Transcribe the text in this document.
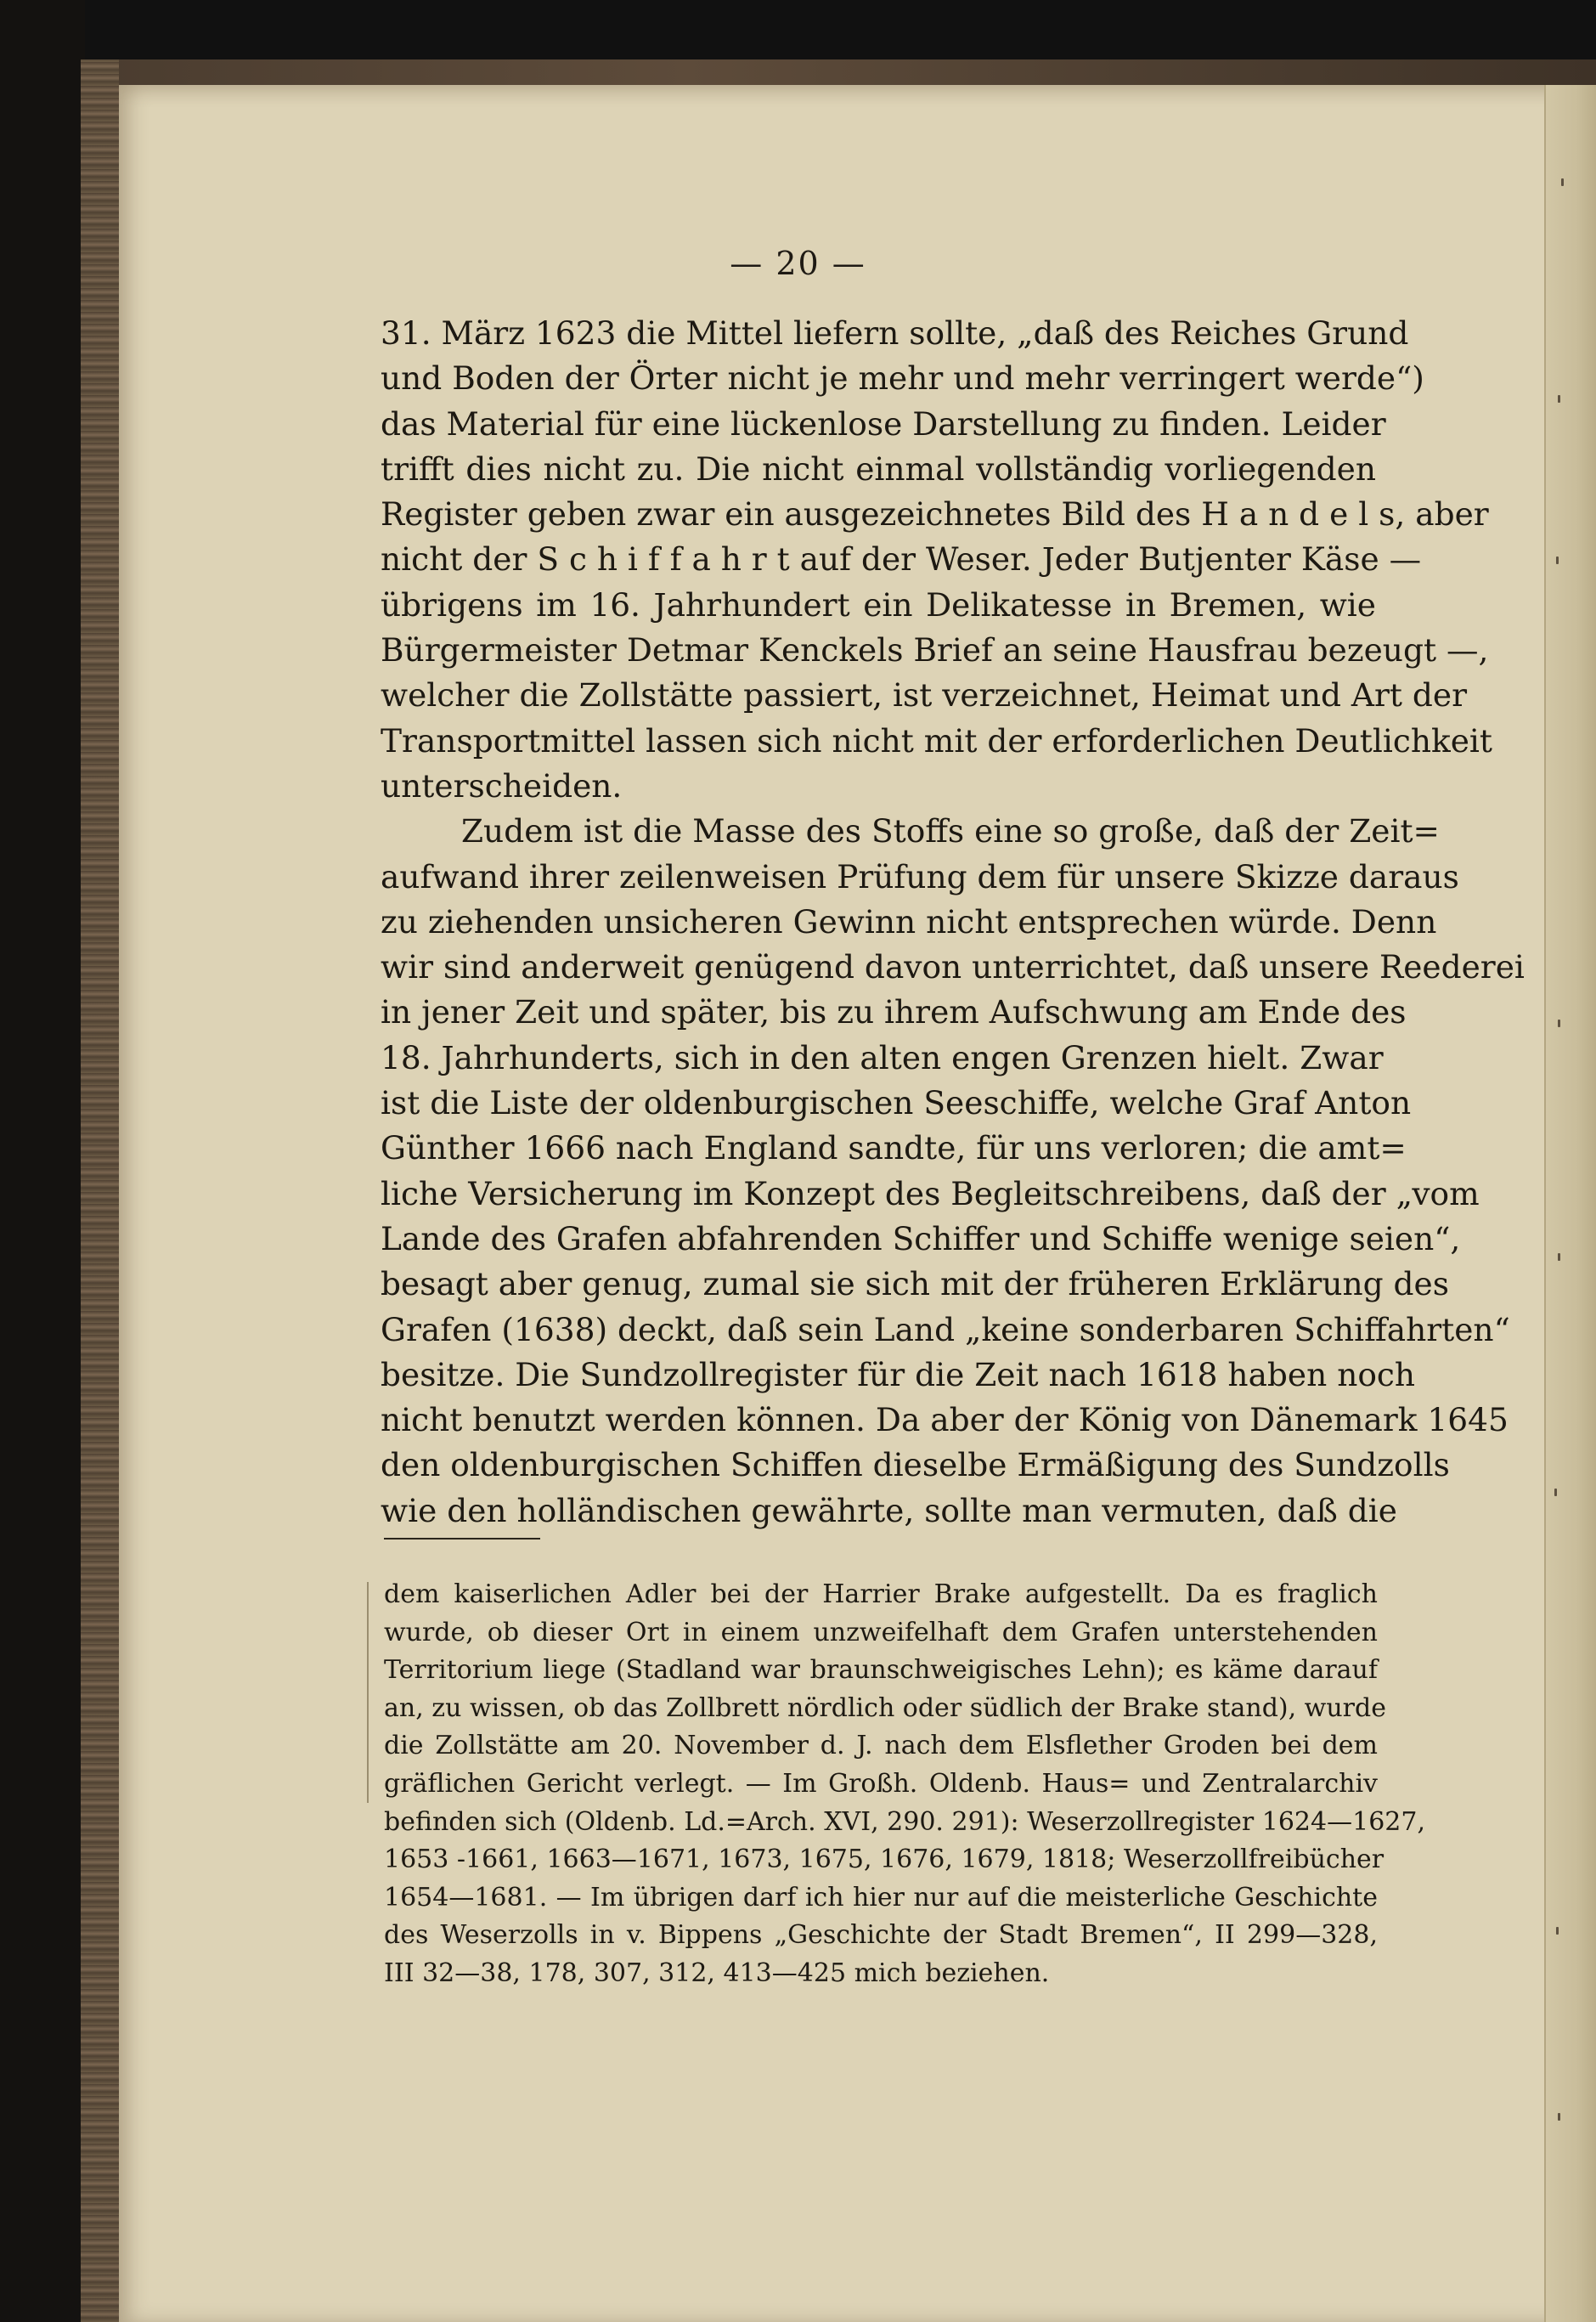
— 20 —
31. März 1623 die Mittel liefern sollte, „daß des Reiches Grund
und Boden der Örter nicht je mehr und mehr verringert werde“)
das Material für eine lückenlose Darstellung zu finden. Leider
trifft dies nicht zu. Die nicht einmal vollständig vorliegenden
Register geben zwar ein ausgezeichnetes Bild des H a n d e l s, aber
nicht der S c h i f f a h r t auf der Weser. Jeder Butjenter Käse —
übrigens im 16. Jahrhundert ein Delikatesse in Bremen, wie
Bürgermeister Detmar Kenckels Brief an seine Hausfrau bezeugt —,
welcher die Zollstätte passiert, ist verzeichnet, Heimat und Art der
Transportmittel lassen sich nicht mit der erforderlichen Deutlichkeit
unterscheiden.
Zudem ist die Masse des Stoffs eine so große, daß der Zeit=
aufwand ihrer zeilenweisen Prüfung dem für unsere Skizze daraus
zu ziehenden unsicheren Gewinn nicht entsprechen würde. Denn
wir sind anderweit genügend davon unterrichtet, daß unsere Reederei
in jener Zeit und später, bis zu ihrem Aufschwung am Ende des
18. Jahrhunderts, sich in den alten engen Grenzen hielt. Zwar
ist die Liste der oldenburgischen Seeschiffe, welche Graf Anton
Günther 1666 nach England sandte, für uns verloren; die amt=
liche Versicherung im Konzept des Begleitschreibens, daß der „vom
Lande des Grafen abfahrenden Schiffer und Schiffe wenige seien“,
besagt aber genug, zumal sie sich mit der früheren Erklärung des
Grafen (1638) deckt, daß sein Land „keine sonderbaren Schiffahrten“
besitze. Die Sundzollregister für die Zeit nach 1618 haben noch
nicht benutzt werden können. Da aber der König von Dänemark 1645
den oldenburgischen Schiffen dieselbe Ermäßigung des Sundzolls
wie den holländischen gewährte, sollte man vermuten, daß die
dem kaiserlichen Adler bei der Harrier Brake aufgestellt. Da es fraglich
wurde, ob dieser Ort in einem unzweifelhaft dem Grafen unterstehenden
Territorium liege (Stadland war braunschweigisches Lehn); es käme darauf
an, zu wissen, ob das Zollbrett nördlich oder südlich der Brake stand), wurde
die Zollstätte am 20. November d. J. nach dem Elsflether Groden bei dem
gräflichen Gericht verlegt. — Im Großh. Oldenb. Haus= und Zentralarchiv
befinden sich (Oldenb. Ld.=Arch. XVI, 290. 291): Weserzollregister 1624—1627,
1653 -1661, 1663—1671, 1673, 1675, 1676, 1679, 1818; Weserzollfreibücher
1654—1681. — Im übrigen darf ich hier nur auf die meisterliche Geschichte
des Weserzolls in v. Bippens „Geschichte der Stadt Bremen“, II 299—328,
III 32—38, 178, 307, 312, 413—425 mich beziehen.
